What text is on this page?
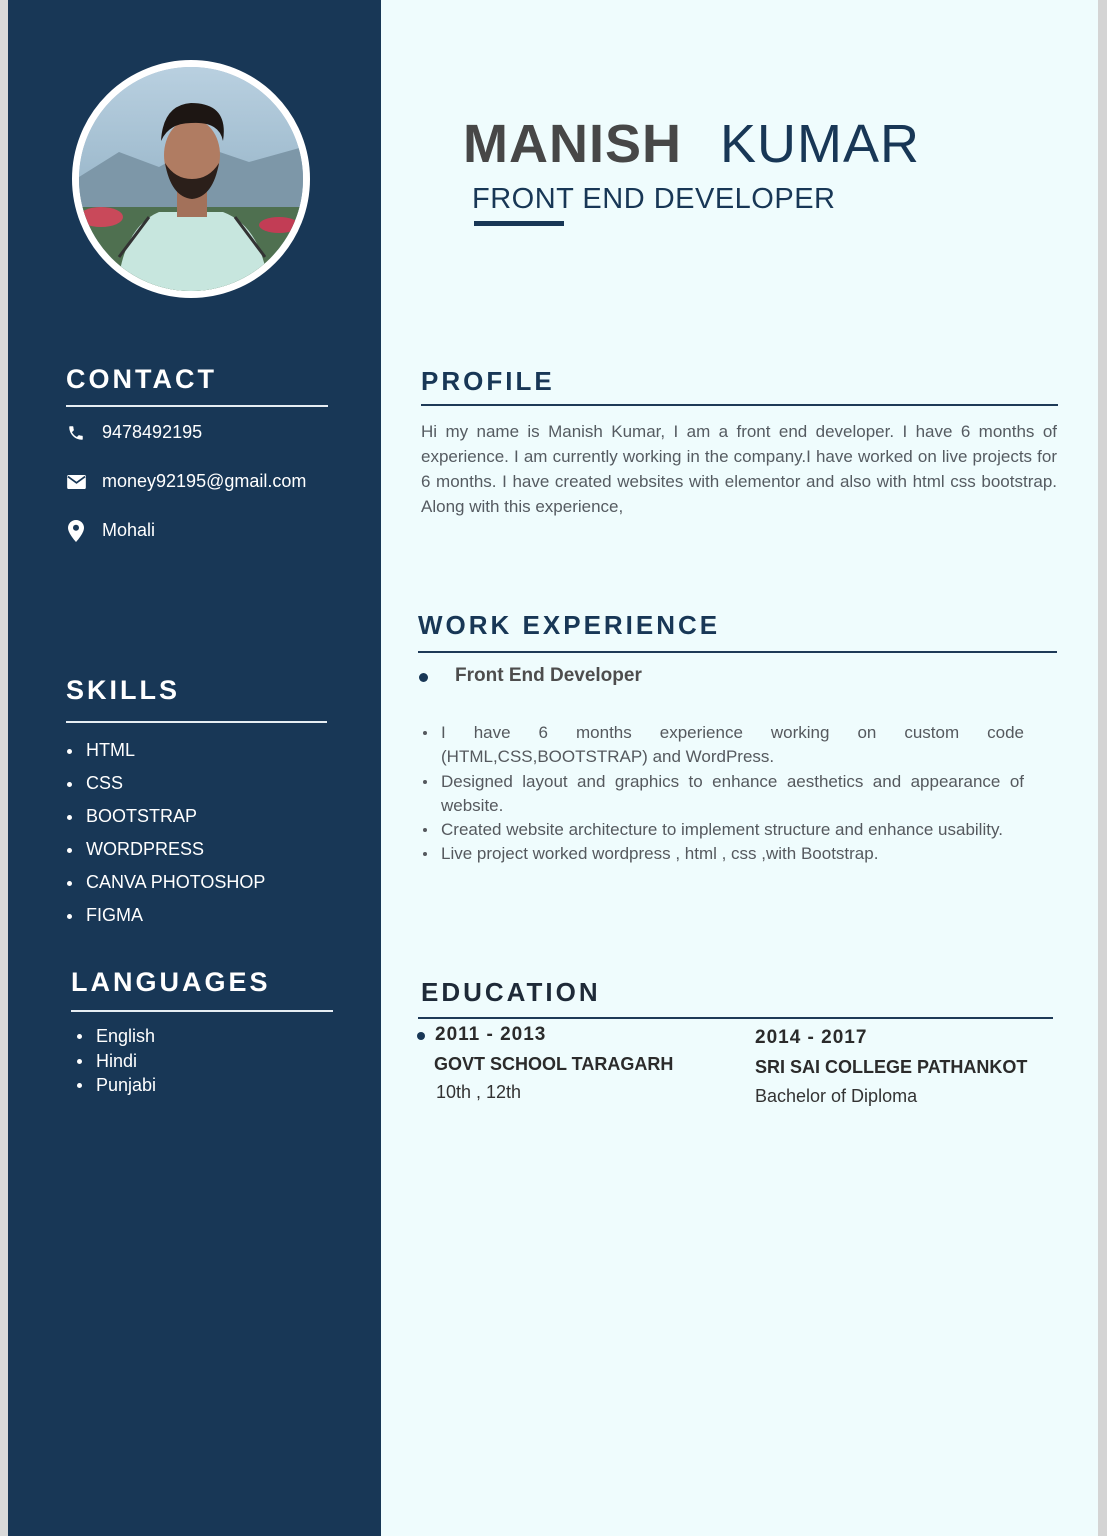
CONTACT
9478492195
money92195@gmail.com
Mohali
SKILLS
HTML
CSS
BOOTSTRAP
WORDPRESS
CANVA PHOTOSHOP
FIGMA
LANGUAGES
English
Hindi
Punjabi
MANISH KUMAR
FRONT END DEVELOPER
PROFILE
Hi my name is Manish Kumar, I am a front end developer. I have 6 months of experience. I am currently working in the company.I have worked on live projects for 6 months. I have created websites with elementor and also with html css bootstrap. Along with this experience,
WORK EXPERIENCE
Front End Developer
I have 6 months experience working on custom code (HTML,CSS,BOOTSTRAP) and WordPress.
Designed layout and graphics to enhance aesthetics and appearance of website.
Created website architecture to implement structure and enhance usability.
Live project worked wordpress , html , css ,with Bootstrap.
EDUCATION
2011 - 2013
GOVT SCHOOL TARAGARH
10th , 12th
2014 - 2017
SRI SAI COLLEGE PATHANKOT
Bachelor of Diploma
